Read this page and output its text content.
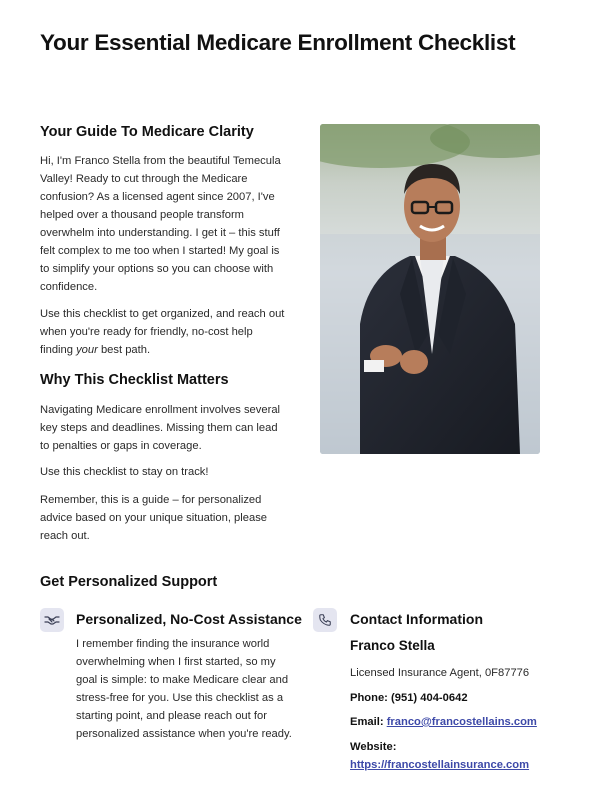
Your Essential Medicare Enrollment Checklist
Your Guide To Medicare Clarity
Hi, I'm Franco Stella from the beautiful Temecula
Valley! Ready to cut through the Medicare
confusion? As a licensed agent since 2007, I've
helped over a thousand people transform
overwhelm into understanding. I get it – this stuff
felt complex to me too when I started! My goal is
to simplify your options so you can choose with
confidence.
Use this checklist to get organized, and reach out
when you're ready for friendly, no-cost help
finding your best path.
Why This Checklist Matters
Navigating Medicare enrollment involves several
key steps and deadlines. Missing them can lead
to penalties or gaps in coverage.
Use this checklist to stay on track!
Remember, this is a guide – for personalized
advice based on your unique situation, please
reach out.
Get Personalized Support
Personalized, No-Cost Assistance
I remember finding the insurance world
overwhelming when I first started, so my
goal is simple: to make Medicare clear and
stress-free for you. Use this checklist as a
starting point, and please reach out for
personalized assistance when you're ready.
Contact Information

Franco Stella

Licensed Insurance Agent, 0F87776

Phone: (951) 404-0642

Email: franco@francostellains.com

Website:

https://francostellainsurance.com
